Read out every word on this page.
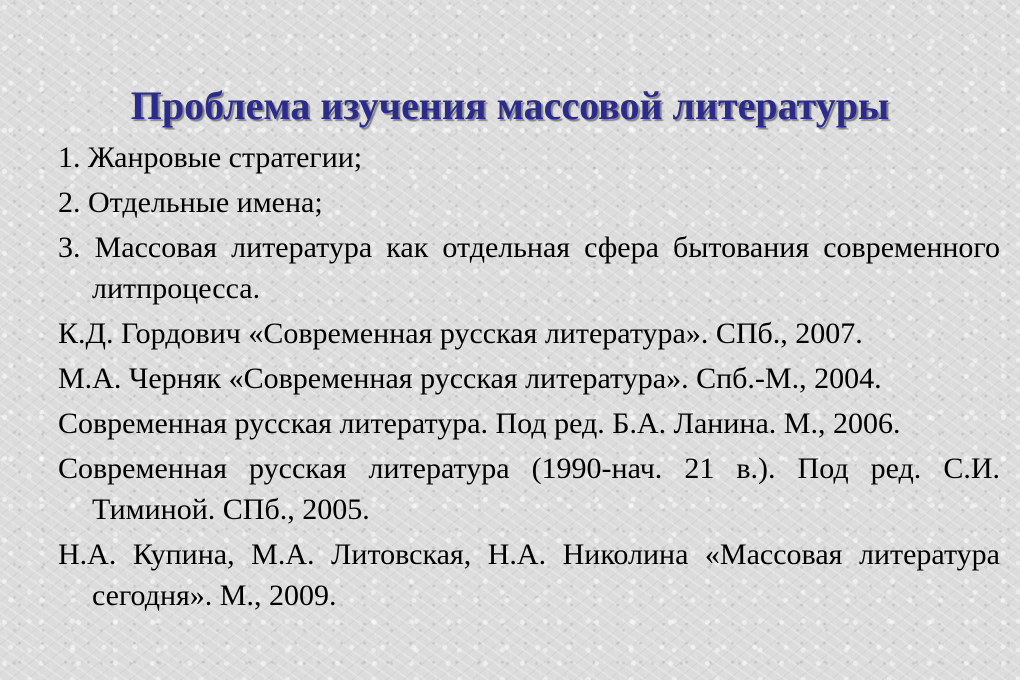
Проблема изучения массовой литературы

1. Жанровые стратегии;

2. Отдельные имена;

3. Массовая литература как отдельная сфера бытования современного литпроцесса.

К.Д. Гордович «Современная русская литература». СПб., 2007.

М.А. Черняк «Современная русская литература». Спб.-М., 2004.

Современная русская литература. Под ред. Б.А. Ланина. М., 2006.

Современная русская литература (1990-нач. 21 в.). Под ред. С.И. Тиминой. СПб., 2005.

Н.А. Купина, М.А. Литовская, Н.А. Николина «Массовая литература сегодня». М., 2009.
